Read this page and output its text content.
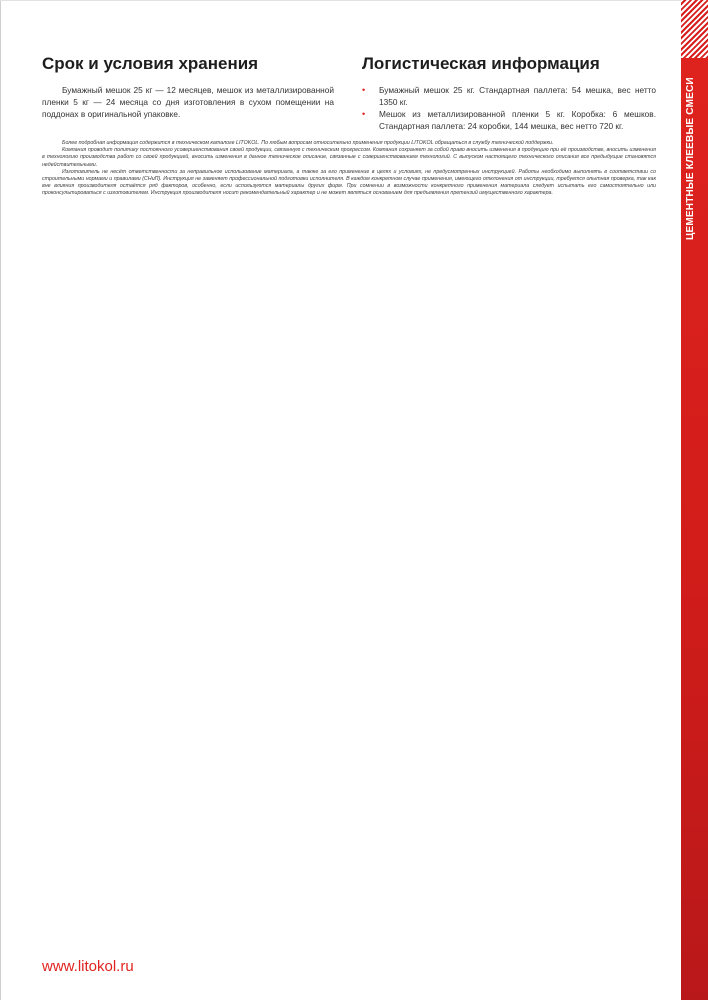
ЦЕМЕНТНЫЕ КЛЕЕВЫЕ СМЕСИ
Срок и условия хранения

Бумажный мешок 25 кг — 12 месяцев, мешок из металлизированной пленки 5 кг — 24 месяца со дня изготовления в сухом помещении на поддонах в оригинальной упаковке.

Логистическая информация
• Бумажный мешок 25 кг. Стандартная паллета: 54 мешка, вес нетто 1350 кг.
• Мешок из металлизированной пленки 5 кг. Коробка: 6 мешков. Стандартная паллета: 24 коробки, 144 мешка, вес нетто 720 кг.

Более подробная информация содержится в техническом каталоге LITOKOL. По любым вопросам относительно применения продукции LITOKOL обращаться в службу технической поддержки.

Компания проводит политику постоянного усовершенствования своей продукции, связанную с техническим прогрессом. Компания сохраняет за собой право вносить изменения в продукцию при её производстве, вносить изменения в технологию производства работ со своей продукцией, вносить изменения в данное техническое описание, связанные с совершенствованием технологий. С выпуском настоящего технического описания все предыдущие становятся недействительными.

Изготовитель не несёт ответственности за неправильное использование материала, а также за его применение в целях и условиях, не предусмотренных инструкцией. Работы необходимо выполнять в соответствии со строительными нормами и правилами (СНиП). Инструкция не заменяет профессиональной подготовки исполнителя. В каждом конкретном случае применения, имеющего отклонения от инструкции, требуется опытная проверка, так как вне влияния производителя остаётся ряд факторов, особенно, если используются материалы других фирм. При сомнении в возможности конкретного применения материала следует испытать его самостоятельно или проконсультироваться с изготовителем. Инструкция производителя носит рекомендательный характер и не может являться основанием для предъявления претензий имущественного характера.

www.litokol.ru
